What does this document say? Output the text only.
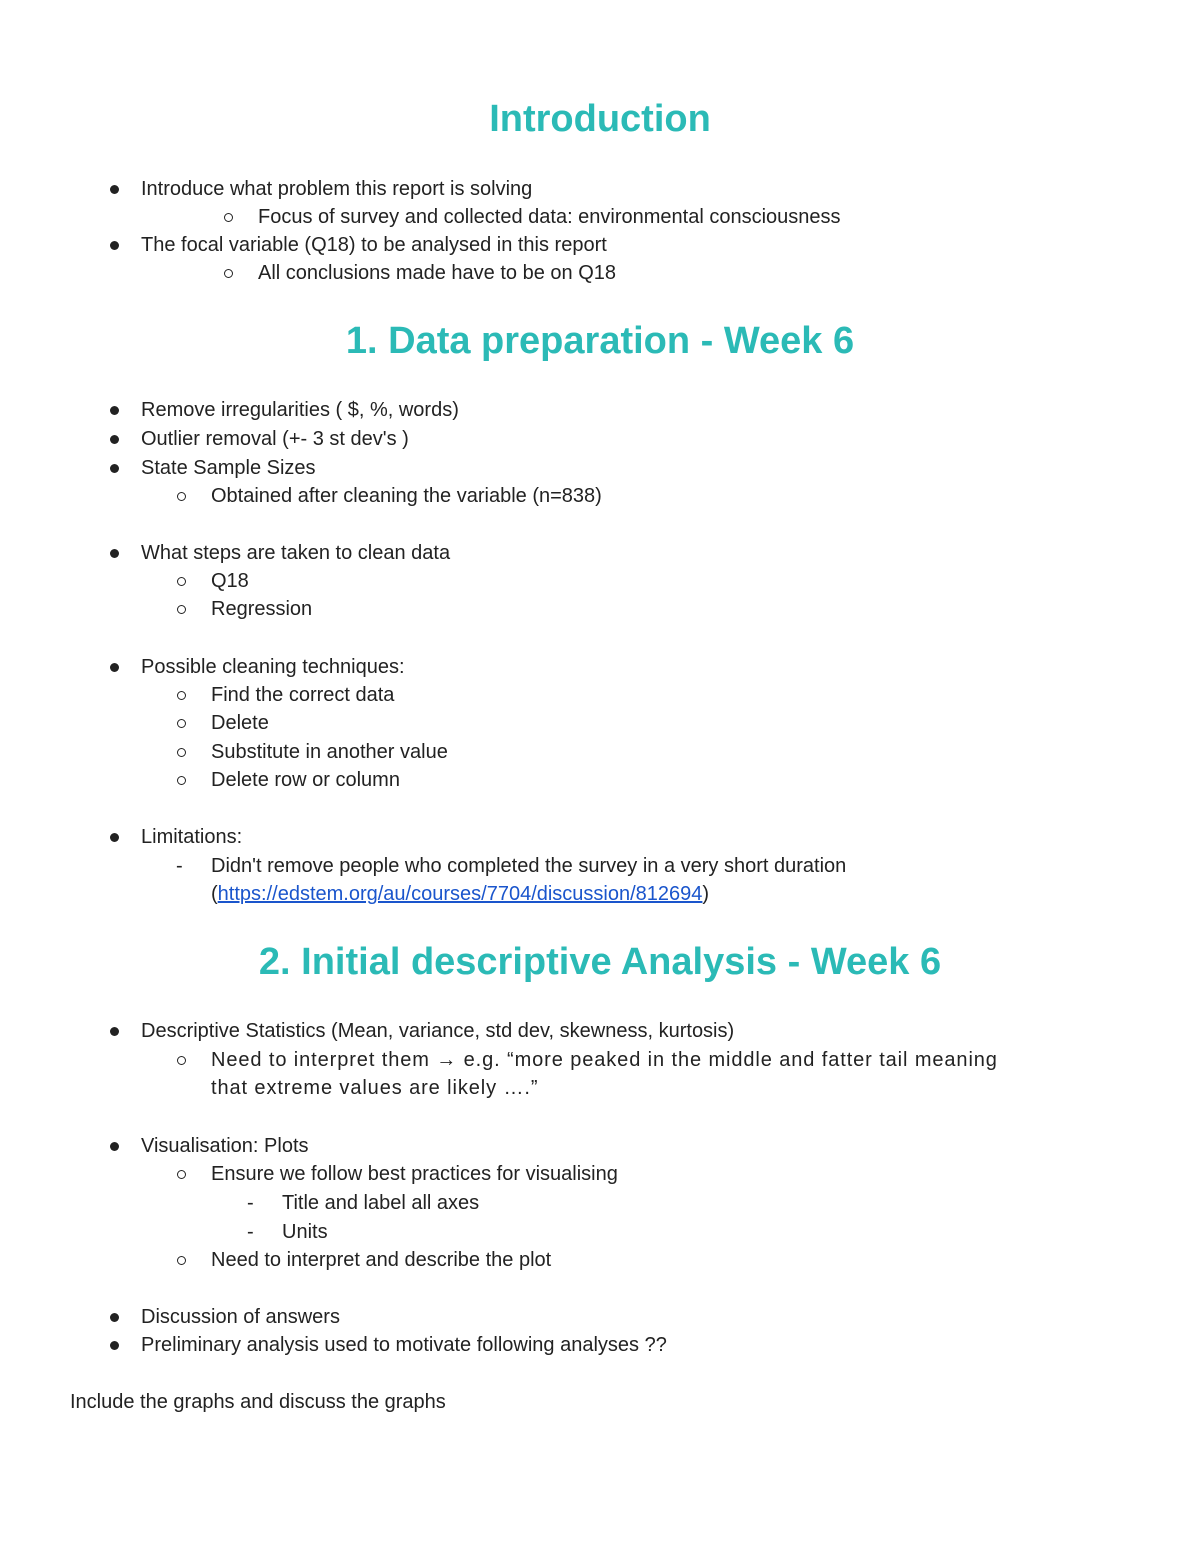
Introduction
Introduce what problem this report is solving
Focus of survey and collected data: environmental consciousness
The focal variable (Q18) to be analysed in this report
All conclusions made have to be on Q18
1. Data preparation - Week 6
Remove irregularities ( $, %, words)
Outlier removal (+- 3 st dev's )
State Sample Sizes
Obtained after cleaning the variable (n=838)
What steps are taken to clean data
Q18
Regression
Possible cleaning techniques:
Find the correct data
Delete
Substitute in another value
Delete row or column
Limitations:
- Didn't remove people who completed the survey in a very short duration
(https://edstem.org/au/courses/7704/discussion/812694)
2. Initial descriptive Analysis - Week 6
Descriptive Statistics (Mean, variance, std dev, skewness, kurtosis)
Need to interpret them → e.g. “more peaked in the middle and fatter tail meaning
that extreme values are likely ….”
Visualisation: Plots
Ensure we follow best practices for visualising
- Title and label all axes
- Units
Need to interpret and describe the plot
Discussion of answers
Preliminary analysis used to motivate following analyses ??
Include the graphs and discuss the graphs
